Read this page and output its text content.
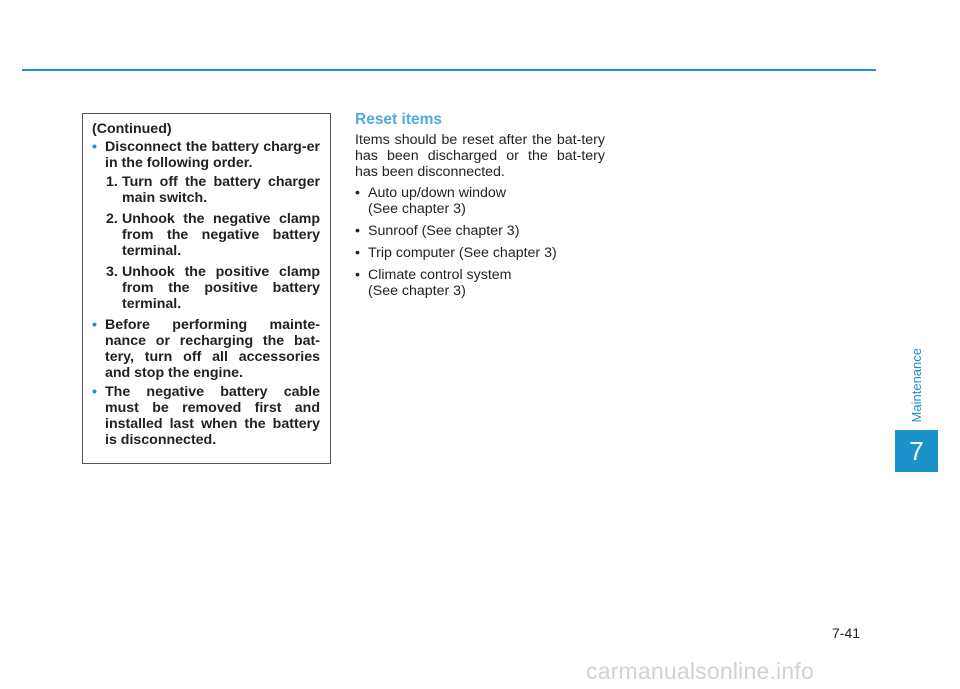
(Continued)
• Disconnect the battery charg-er in the following order.
1. Turn off the battery charger main switch.
2. Unhook the negative clamp from the negative battery terminal.
3. Unhook the positive clamp from the positive battery terminal.
• Before performing mainte-nance or recharging the bat-tery, turn off all accessories and stop the engine.
• The negative battery cable must be removed first and installed last when the battery is disconnected.
Reset items
Items should be reset after the bat-tery has been discharged or the bat-tery has been disconnected.
• Auto up/down window
(See chapter 3)
• Sunroof (See chapter 3)
• Trip computer (See chapter 3)
• Climate control system
(See chapter 3)
Maintenance
7
7-41
carmanualsonline.info
